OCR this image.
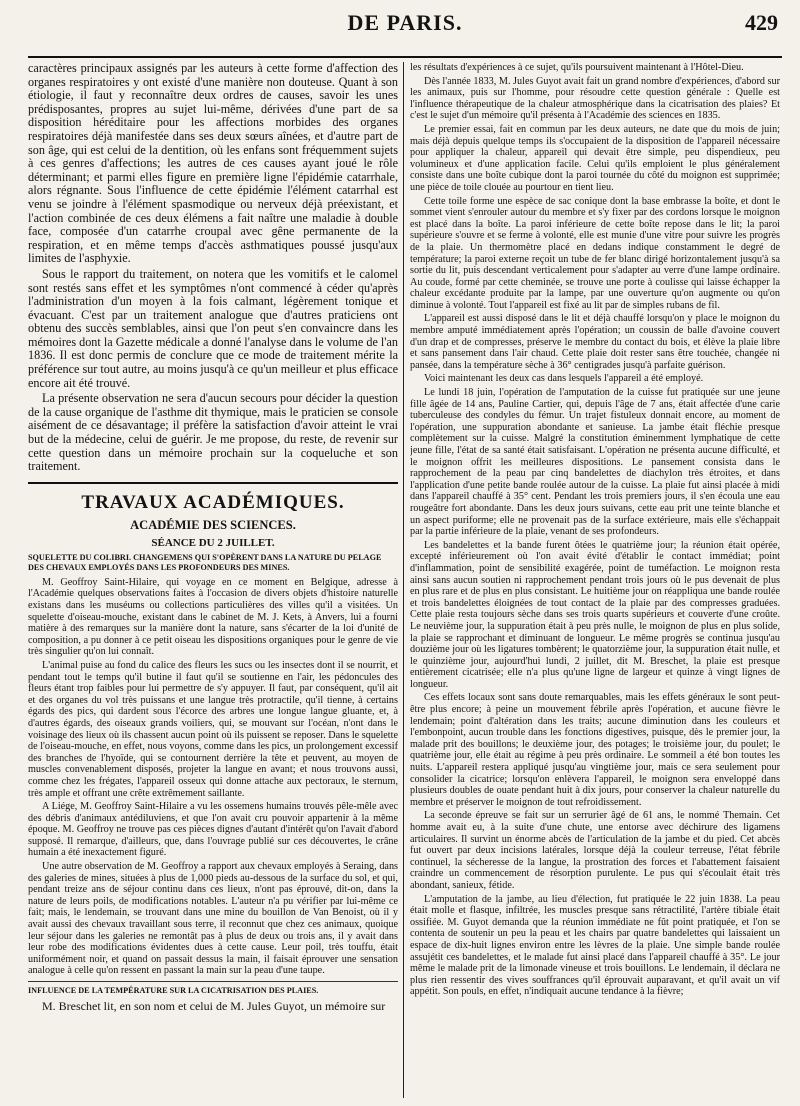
DE PARIS.	429

caractères principaux assignés par les auteurs à cette forme d'affection des organes respiratoires y ont existé d'une manière non douteuse. Quant à son étiologie, il faut y reconnaître deux ordres de causes, savoir les unes prédisposantes, propres au sujet lui-même, dérivées d'une part de sa disposition héréditaire pour les affections morbides des organes respiratoires déjà manifestée dans ses deux sœurs aînées, et d'autre part de son âge, qui est celui de la dentition, où les enfans sont fréquemment sujets à ces genres d'affections; les autres de ces causes ayant joué le rôle déterminant; et parmi elles figure en première ligne l'épidémie catarrhale, alors régnante. Sous l'influence de cette épidémie l'élément catarrhal est venu se joindre à l'élément spasmodique ou nerveux déjà préexistant, et l'action combinée de ces deux élémens a fait naître une maladie à double face, composée d'un catarrhe croupal avec gêne permanente de la respiration, et en même temps d'accès asthmatiques poussé jusqu'aux limites de l'asphyxie.

Sous le rapport du traitement, on notera que les vomitifs et le calomel sont restés sans effet et les symptômes n'ont commencé à céder qu'après l'administration d'un moyen à la fois calmant, légèrement tonique et évacuant. C'est par un traitement analogue que d'autres praticiens ont obtenu des succès semblables, ainsi que l'on peut s'en convaincre dans les mémoires dont la Gazette médicale a donné l'analyse dans le volume de l'an 1836. Il est donc permis de conclure que ce mode de traitement mérite la préférence sur tout autre, au moins jusqu'à ce qu'un meilleur et plus efficace encore ait été trouvé.

La présente observation ne sera d'aucun secours pour décider la question de la cause organique de l'asthme dit thymique, mais le praticien se console aisément de ce désavantage; il préfère la satisfaction d'avoir atteint le vrai but de la médecine, celui de guérir. Je me propose, du reste, de revenir sur cette question dans un mémoire prochain sur la coqueluche et son traitement.

TRAVAUX ACADÉMIQUES.
ACADÉMIE DES SCIENCES.
SÉANCE DU 2 JUILLET.
SQUELETTE DU COLIBRI. CHANGEMENS QUI S'OPÈRENT DANS LA NATURE DU PELAGE DES CHEVAUX EMPLOYÉS DANS LES PROFONDEURS DES MINES.

M. Geoffroy Saint-Hilaire, qui voyage en ce moment en Belgique, adresse à l'Académie quelques observations faites à l'occasion de divers objets d'histoire naturelle existans dans les muséums ou collections particulières des villes qu'il a visitées. Un squelette d'oiseau-mouche, existant dans le cabinet de M. J. Kets, à Anvers, lui a fourni matière à des remarques sur la manière dont la nature, sans s'écarter de la loi d'unité de composition, a pu donner à ce petit oiseau les dispositions organiques pour le genre de vie très singulier qu'on lui connaît.

L'animal puise au fond du calice des fleurs les sucs ou les insectes dont il se nourrit, et pendant tout le temps qu'il butine il faut qu'il se soutienne en l'air, les pédoncules des fleurs étant trop faibles pour lui permettre de s'y appuyer. Il faut, par conséquent, qu'il ait et des organes du vol très puissans et une langue très protractile, qu'il tienne, à certains égards des pics, qui dardent sous l'écorce des arbres une longue langue gluante, et, à d'autres égards, des oiseaux grands voiliers, qui, se mouvant sur l'océan, n'ont dans le voisinage des lieux où ils chassent aucun point où ils puissent se reposer. Dans le squelette de l'oiseau-mouche, en effet, nous voyons, comme dans les pics, un prolongement excessif des branches de l'hyoïde, qui se contournent derrière la tête et peuvent, au moyen de muscles convenablement disposés, projeter la langue en avant; et nous trouvons aussi, comme chez les frégates, l'appareil osseux qui donne attache aux pectoraux, le sternum, très ample et offrant une crête extrêmement saillante.

A Liége, M. Geoffroy Saint-Hilaire a vu les ossemens humains trouvés pêle-mêle avec des débris d'animaux antédiluviens, et que l'on avait cru pouvoir appartenir à la même époque. M. Geoffroy ne trouve pas ces pièces dignes d'autant d'intérêt qu'on l'avait d'abord supposé. Il remarque, d'ailleurs, que, dans l'ouvrage publié sur ces découvertes, le crâne humain a été inexactement figuré.

Une autre observation de M. Geoffroy a rapport aux chevaux employés à Seraing, dans des galeries de mines, situées à plus de 1,000 pieds au-dessous de la surface du sol, et qui, pendant treize ans de séjour continu dans ces lieux, n'ont pas éprouvé, dit-on, dans la nature de leurs poils, de modifications notables. L'auteur n'a pu vérifier par lui-même ce fait; mais, le lendemain, se trouvant dans une mine du bouillon de Van Benoist, où il y avait aussi des chevaux travaillant sous terre, il reconnut que chez ces animaux, quoique leur séjour dans les galeries ne remontât pas à plus de deux ou trois ans, il y avait dans leur robe des modifications évidentes dues à cette cause. Leur poil, très touffu, était uniformément noir, et quand on passait dessus la main, il faisait éprouver une sensation analogue à celle qu'on ressent en passant la main sur la peau d'une taupe.

INFLUENCE DE LA TEMPÉRATURE SUR LA CICATRISATION DES PLAIES.

M. Breschet lit, en son nom et celui de M. Jules Guyot, un mémoire sur

les résultats d'expériences à ce sujet, qu'ils poursuivent maintenant à l'Hôtel-Dieu.

Dès l'année 1833, M. Jules Guyot avait fait un grand nombre d'expériences, d'abord sur les animaux, puis sur l'homme, pour résoudre cette question générale : Quelle est l'influence thérapeutique de la chaleur atmosphérique dans la cicatrisation des plaies? Et c'est le sujet d'un mémoire qu'il présenta à l'Académie des sciences en 1835.

Le premier essai, fait en commun par les deux auteurs, ne date que du mois de juin; mais déjà depuis quelque temps ils s'occupaient de la disposition de l'appareil nécessaire pour appliquer la chaleur, appareil qui devait être simple, peu dispendieux, peu volumineux et d'une application facile. Celui qu'ils emploient le plus généralement consiste dans une boîte cubique dont la paroi tournée du côté du moignon est supprimée; une pièce de toile clouée au pourtour en tient lieu.

Cette toile forme une espèce de sac conique dont la base embrasse la boîte, et dont le sommet vient s'enrouler autour du membre et s'y fixer par des cordons lorsque le moignon est placé dans la boîte. La paroi inférieure de cette boîte repose dans le lit; la paroi supérieure s'ouvre et se ferme à volonté, elle est munie d'une vitre pour suivre les progrès de la plaie. Un thermomètre placé en dedans indique constamment le degré de température; la paroi externe reçoit un tube de fer blanc dirigé horizontalement jusqu'à sa sortie du lit, puis descendant verticalement pour s'adapter au verre d'une lampe ordinaire. Au coude, formé par cette cheminée, se trouve une porte à coulisse qui laisse échapper la chaleur excédante produite par la lampe, par une ouverture qu'on augmente ou qu'on diminue à volonté. Tout l'appareil est fixé au lit par de simples rubans de fil.

L'appareil est aussi disposé dans le lit et déjà chauffé lorsqu'on y place le moignon du membre amputé immédiatement après l'opération; un coussin de balle d'avoine couvert d'un drap et de compresses, préserve le membre du contact du bois, et élève la plaie libre et sans pansement dans l'air chaud. Cette plaie doit rester sans être touchée, changée ni pansée, dans la température sèche à 36° centigrades jusqu'à parfaite guérison.

Voici maintenant les deux cas dans lesquels l'appareil a été employé.

Le lundi 18 juin, l'opération de l'amputation de la cuisse fut pratiquée sur une jeune fille âgée de 14 ans, Pauline Cartier, qui, depuis l'âge de 7 ans, était affectée d'une carie tuberculeuse des condyles du fémur. Un trajet fistuleux donnait encore, au moment de l'opération, une suppuration abondante et sanieuse. La jambe était fléchie presque complètement sur la cuisse. Malgré la constitution éminemment lymphatique de cette jeune fille, l'état de sa santé était satisfaisant. L'opération ne présenta aucune difficulté, et le moignon offrit les meilleures dispositions. Le pansement consista dans le rapprochement de la peau par cinq bandelettes de diachylon très étroites, et dans l'application d'une petite bande roulée autour de la cuisse. La plaie fut ainsi placée à midi dans l'appareil chauffé à 35° cent. Pendant les trois premiers jours, il s'en écoula une eau rougeâtre fort abondante. Dans les deux jours suivans, cette eau prit une teinte blanche et un aspect puriforme; elle ne provenait pas de la surface extérieure, mais elle s'échappait par la partie inférieure de la plaie, venant de ses profondeurs.

Les bandelettes et la bande furent ôtées le quatrième jour; la réunion était opérée, excepté inférieurement où l'on avait évité d'établir le contact immédiat; point d'inflammation, point de sensibilité exagérée, point de tuméfaction. Le moignon resta ainsi sans aucun soutien ni rapprochement pendant trois jours où le pus devenait de plus en plus rare et de plus en plus consistant. Le huitième jour on réappliqua une bande roulée et trois bandelettes éloignées de tout contact de la plaie par des compresses graduées. Cette plaie resta toujours sèche dans ses trois quarts supérieurs et couverte d'une croûte. Le neuvième jour, la suppuration était à peu près nulle, le moignon de plus en plus solide, la plaie se rapprochant et diminuant de longueur. Le même progrès se continua jusqu'au douzième jour où les ligatures tombèrent; le quatorzième jour, la suppuration était nulle, et le quinzième jour, aujourd'hui lundi, 2 juillet, dit M. Breschet, la plaie est presque entièrement cicatrisée; elle n'a plus qu'une ligne de largeur et quinze à vingt lignes de longueur.

Ces effets locaux sont sans doute remarquables, mais les effets généraux le sont peut-être plus encore; à peine un mouvement fébrile après l'opération, et aucune fièvre le lendemain; point d'altération dans les traits; aucune diminution dans les couleurs et l'embonpoint, aucun trouble dans les fonctions digestives, puisque, dès le premier jour, la malade prit des bouillons; le deuxième jour, des potages; le troisième jour, du poulet; le quatrième jour, elle était au régime à peu près ordinaire. Le sommeil a été bon toutes les nuits. L'appareil restera appliqué jusqu'au vingtième jour, mais ce sera seulement pour consolider la cicatrice; lorsqu'on enlèvera l'appareil, le moignon sera enveloppé dans plusieurs doubles de ouate pendant huit à dix jours, pour conserver la chaleur naturelle du membre et préserver le moignon de tout refroidissement.

La seconde épreuve se fait sur un serrurier âgé de 61 ans, le nommé Themain. Cet homme avait eu, à la suite d'une chute, une entorse avec déchirure des ligamens articulaires. Il survint un énorme abcès de l'articulation de la jambe et du pied. Cet abcès fut ouvert par deux incisions latérales, lorsque déjà la couleur terreuse, l'état fébrile continuel, la sécheresse de la langue, la prostration des forces et l'abattement faisaient craindre un commencement de résorption purulente. Le pus qui s'écoulait était très abondant, sanieux, fétide.

L'amputation de la jambe, au lieu d'élection, fut pratiquée le 22 juin 1838. La peau était molle et flasque, infiltrée, les muscles presque sans rétractilité, l'artère tibiale était ossifiée. M. Guyot demanda que la réunion immédiate ne fût point pratiquée, et l'on se contenta de soutenir un peu la peau et les chairs par quatre bandelettes qui laissaient un espace de dix-huit lignes environ entre les lèvres de la plaie. Une simple bande roulée assujétit ces bandelettes, et le malade fut ainsi placé dans l'appareil chauffé à 35°. Le jour même le malade prit de la limonade vineuse et trois bouillons. Le lendemain, il déclara ne plus rien ressentir des vives souffrances qu'il éprouvait auparavant, et qu'il avait un vif appétit. Son pouls, en effet, n'indiquait aucune tendance à la fièvre;
